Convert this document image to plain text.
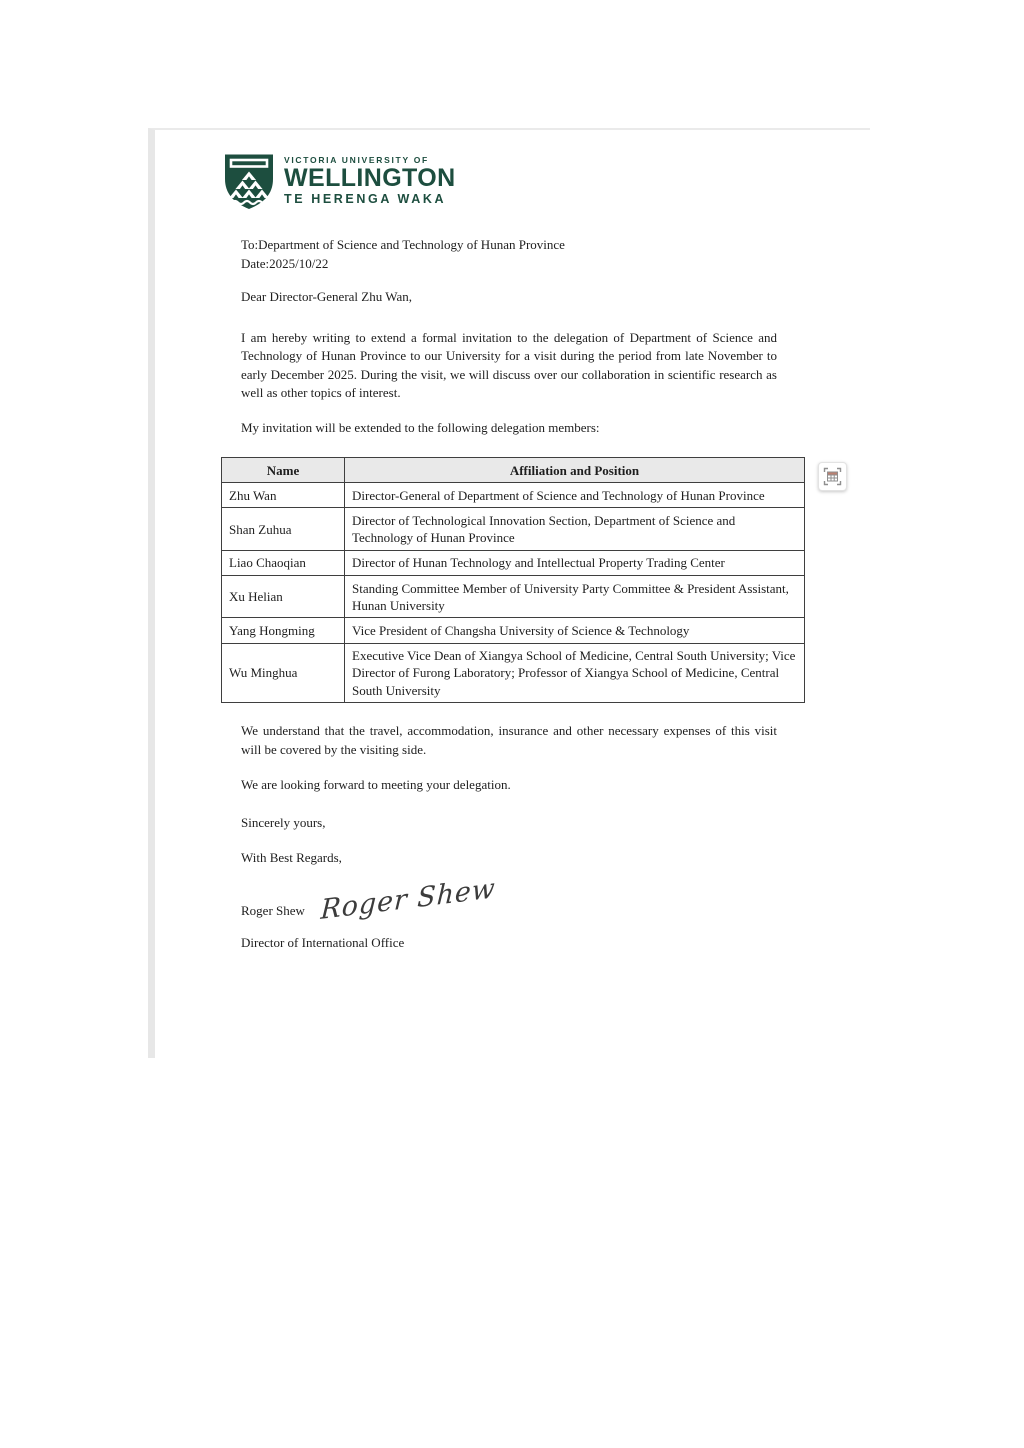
VICTORIA UNIVERSITY OF
WELLINGTON
TE HERENGA WAKA

To:Department of Science and Technology of Hunan Province

Date:2025/10/22

Dear Director-General Zhu Wan,

I am hereby writing to extend a formal invitation to the delegation of Department of Science and Technology of Hunan Province to our University for a visit during the period from late November to early December 2025. During the visit, we will discuss over our collaboration in scientific research as well as other topics of interest.

My invitation will be extended to the following delegation members:

Name	Affiliation and Position
Zhu Wan	Director-General of Department of Science and Technology of Hunan Province
Shan Zuhua	Director of Technological Innovation Section, Department of Science and Technology of Hunan Province
Liao Chaoqian	Director of Hunan Technology and Intellectual Property Trading Center
Xu Helian	Standing Committee Member of University Party Committee & President Assistant, Hunan University
Yang Hongming	Vice President of Changsha University of Science & Technology
Wu Minghua	Executive Vice Dean of Xiangya School of Medicine, Central South University; Vice Director of Furong Laboratory; Professor of Xiangya School of Medicine, Central South University

We understand that the travel, accommodation, insurance and other necessary expenses of this visit will be covered by the visiting side.

We are looking forward to meeting your delegation.

Sincerely yours,

With Best Regards,

Roger Shew Roger Shew

Director of International Office
